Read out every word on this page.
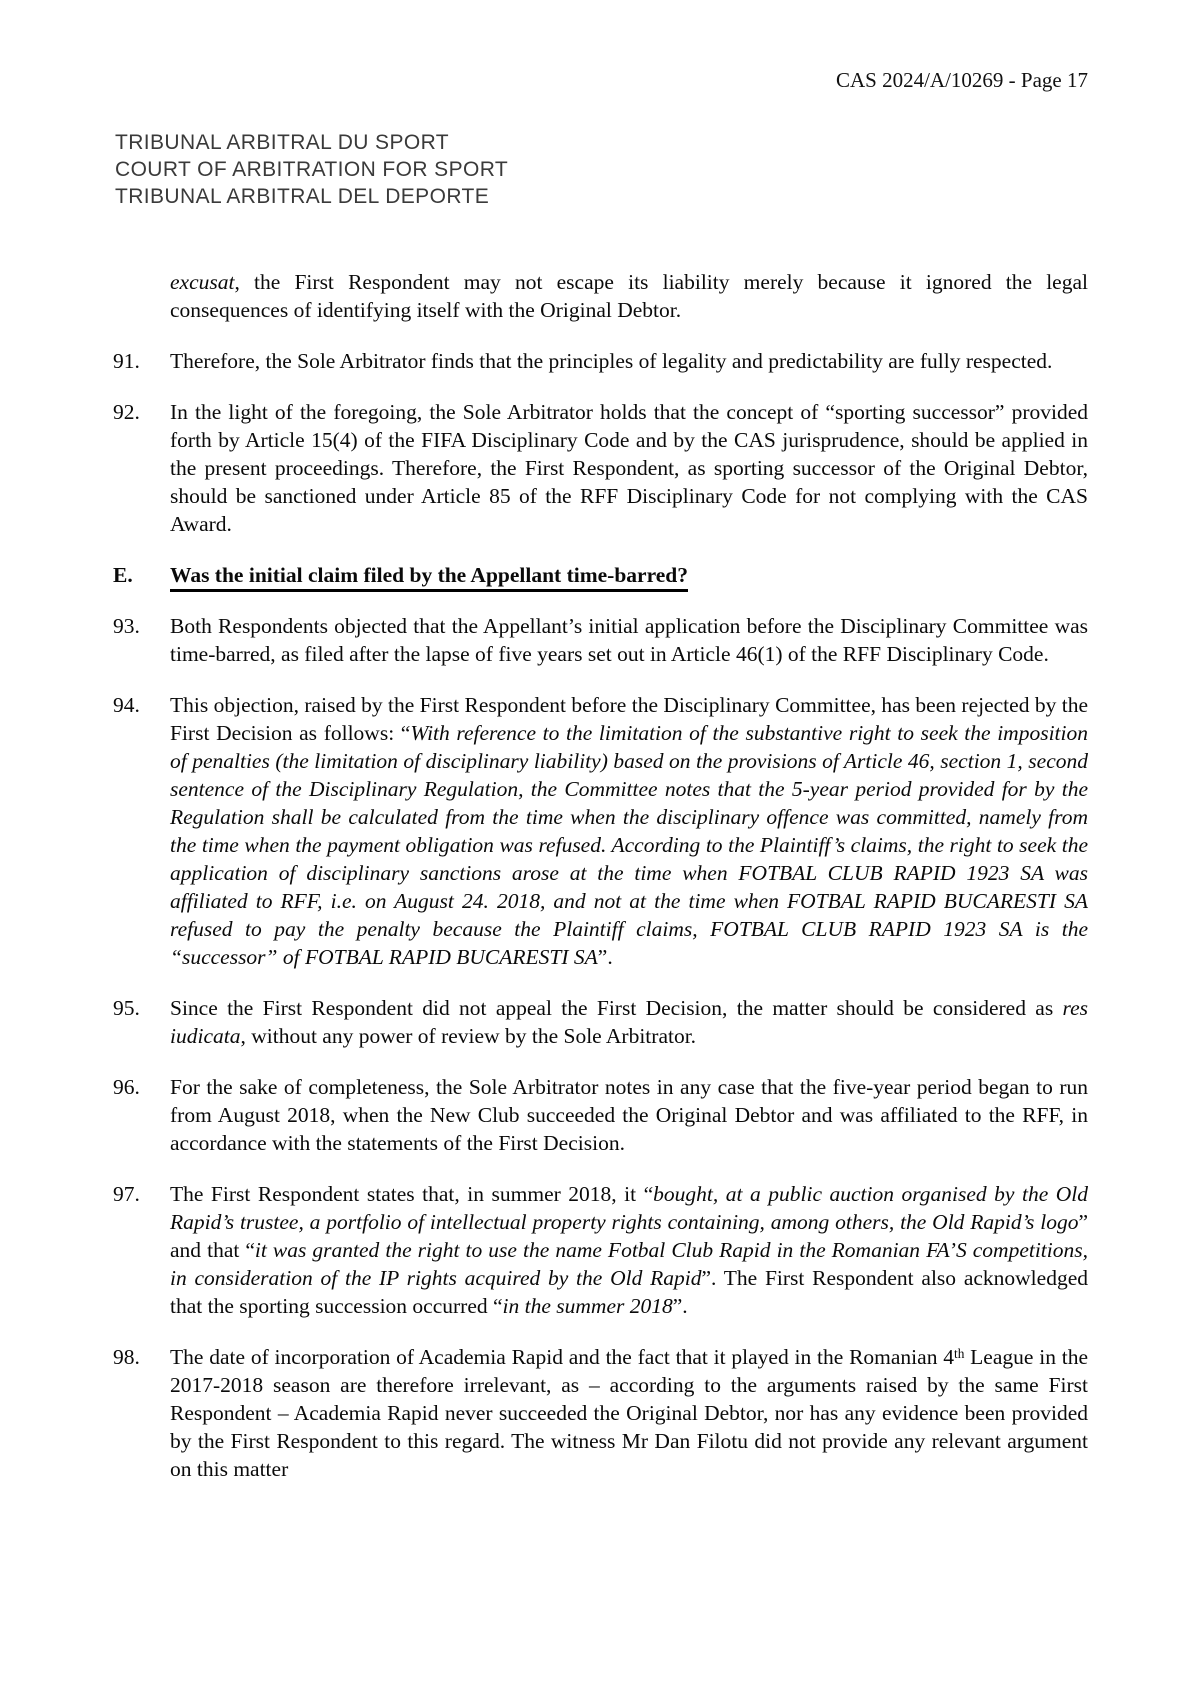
CAS 2024/A/10269 - Page 17
TRIBUNAL ARBITRAL DU SPORT
COURT OF ARBITRATION FOR SPORT
TRIBUNAL ARBITRAL DEL DEPORTE
excusat, the First Respondent may not escape its liability merely because it ignored the legal consequences of identifying itself with the Original Debtor.
91.	Therefore, the Sole Arbitrator finds that the principles of legality and predictability are fully respected.
92.	In the light of the foregoing, the Sole Arbitrator holds that the concept of “sporting successor” provided forth by Article 15(4) of the FIFA Disciplinary Code and by the CAS jurisprudence, should be applied in the present proceedings. Therefore, the First Respondent, as sporting successor of the Original Debtor, should be sanctioned under Article 85 of the RFF Disciplinary Code for not complying with the CAS Award.
E.	Was the initial claim filed by the Appellant time-barred?
93.	Both Respondents objected that the Appellant’s initial application before the Disciplinary Committee was time-barred, as filed after the lapse of five years set out in Article 46(1) of the RFF Disciplinary Code.
94.	This objection, raised by the First Respondent before the Disciplinary Committee, has been rejected by the First Decision as follows: “With reference to the limitation of the substantive right to seek the imposition of penalties (the limitation of disciplinary liability) based on the provisions of Article 46, section 1, second sentence of the Disciplinary Regulation, the Committee notes that the 5-year period provided for by the Regulation shall be calculated from the time when the disciplinary offence was committed, namely from the time when the payment obligation was refused. According to the Plaintiff’s claims, the right to seek the application of disciplinary sanctions arose at the time when FOTBAL CLUB RAPID 1923 SA was affiliated to RFF, i.e. on August 24. 2018, and not at the time when FOTBAL RAPID BUCARESTI SA refused to pay the penalty because the Plaintiff claims, FOTBAL CLUB RAPID 1923 SA is the “successor” of FOTBAL RAPID BUCARESTI SA”.
95.	Since the First Respondent did not appeal the First Decision, the matter should be considered as res iudicata, without any power of review by the Sole Arbitrator.
96.	For the sake of completeness, the Sole Arbitrator notes in any case that the five-year period began to run from August 2018, when the New Club succeeded the Original Debtor and was affiliated to the RFF, in accordance with the statements of the First Decision.
97.	The First Respondent states that, in summer 2018, it “bought, at a public auction organised by the Old Rapid’s trustee, a portfolio of intellectual property rights containing, among others, the Old Rapid’s logo” and that “it was granted the right to use the name Fotbal Club Rapid in the Romanian FA’S competitions, in consideration of the IP rights acquired by the Old Rapid”. The First Respondent also acknowledged that the sporting succession occurred “in the summer 2018”.
98.	The date of incorporation of Academia Rapid and the fact that it played in the Romanian 4th League in the 2017-2018 season are therefore irrelevant, as – according to the arguments raised by the same First Respondent – Academia Rapid never succeeded the Original Debtor, nor has any evidence been provided by the First Respondent to this regard. The witness Mr Dan Filotu did not provide any relevant argument on this matter
